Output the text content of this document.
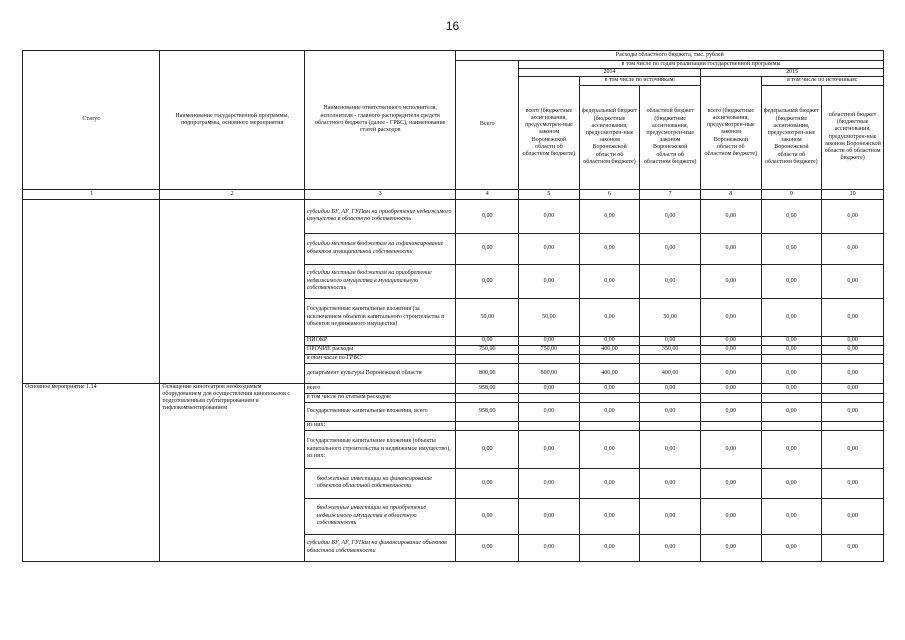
16
Статус	Наименование государственной программы, подпрограммы, основного мероприятия	Наименование ответственного исполнителя, исполнителя - главного распорядителя средств областного бюджета (далее - ГРБС), наименование статей расходов	Расходы областного бюджета, тыс. рублей						
			Всего	в том числе по годам реализации государственной программы					
				2014			2015		
				всего (бюджетные ассигнования, предусмотрен-ные законом Воронежской области об областном бюджете)	в том числе по источникам:		всего (бюджетные ассигнования, предусмотрен-ные законом Воронежской области об областном бюджете)	в том числе по источникам:	
					федеральный бюджет (бюджетные ассигнования, предусмотрен-ные законом Воронежской области об областном бюджете)	областной бюджет (бюджетные ассигнования, предусмотрен-ные законом Воронежской области об областном бюджете)		федеральный бюджет (бюджетные ассигнования, предусмотрен-ные законом Воронежской области об областном бюджете)	областной бюджет (бюджетные ассигнования, предусмотрен-ные законом Воронежской области об областном бюджете)
1	2	3	4	5	6	7	8	9	10
		субсидии БУ, АУ, ГУПам на приобретение недвижимого имущества в областную собственность	0,00	0,00	0,00	0,00	0,00	0,00	0,00
		субсидии местным бюджетам на софинансирование объектов муниципальной собственности	0,00	0,00	0,00	0,00	0,00	0,00	0,00
		субсидии местным бюджетам на приобретение недвижимого имущества в муниципальную собственность	0,00	0,00	0,00	0,00	0,00	0,00	0,00
		Государственные капитальные вложения (за исключением объектов капитального строительства и объектов недвижимого имущества)	50,00	50,00	0,00	50,00	0,00	0,00	0,00
		НИОКР	0,00	0,00	0,00	0,00	0,00	0,00	0,00
		ПРОЧИЕ расходы	750,00	750,00	400,00	350,00	0,00	0,00	0,00
		в том числе по ГРБС:							
		департамент культуры Воронежской области	800,00	800,00	400,00	400,00	0,00	0,00	0,00
Основное мероприятие 1.14	Оснащение кинотеатров необходимым оборудованием для осуществления кинопоказов с подготовленным субтитрированием и тифлокомментированием	всего	958,00	0,00	0,00	0,00	0,00	0,00	0,00
		в том числе по статьям расходов:							
		Государственные капитальные вложения, всего	958,00	0,00	0,00	0,00	0,00	0,00	0,00
		из них:							
		Государственные капитальные вложения (объекты капитального строительства и недвижимое имущество), из них:	0,00	0,00	0,00	0,00	0,00	0,00	0,00
		бюджетные инвестиции на финансирование объектов областной собственности	0,00	0,00	0,00	0,00	0,00	0,00	0,00
		бюджетные инвестиции на приобретение недвижимого имущества в областную собственность	0,00	0,00	0,00	0,00	0,00	0,00	0,00
		субсидии БУ, АУ, ГУПам на финансирование объектов областной собственности	0,00	0,00	0,00	0,00	0,00	0,00	0,00
